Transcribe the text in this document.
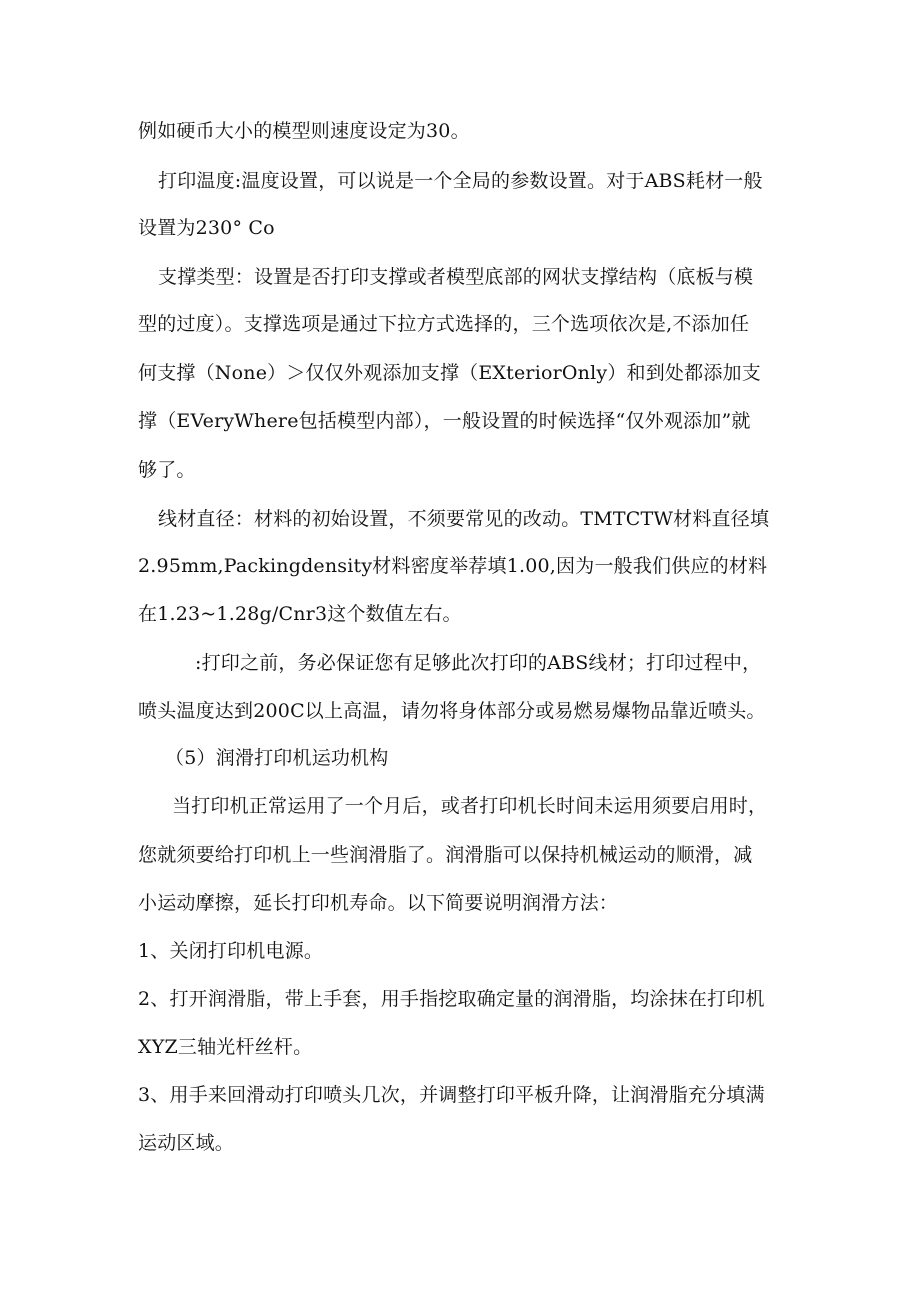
例如硬币大小的模型则速度设定为30。

打印温度:温度设置，可以说是一个全局的参数设置。对于ABS耗材一般

设置为230° Co

支撑类型：设置是否打印支撑或者模型底部的网状支撑结构（底板与模

型的过度）。支撑选项是通过下拉方式选择的，三个选项依次是,不添加任

何支撑（None）＞仅仅外观添加支撑（EXteriorOnly）和到处都添加支

撑（EVeryWhere包括模型内部），一般设置的时候选择“仅外观添加”就

够了。

线材直径：材料的初始设置，不须要常见的改动。TMTCTW材料直径填

2.95mm,Packingdensity材料密度举荐填1.00,因为一般我们供应的材料

在1.23~1.28g/Cnr3这个数值左右。

:打印之前，务必保证您有足够此次打印的ABS线材；打印过程中，

喷头温度达到200C以上高温，请勿将身体部分或易燃易爆物品靠近喷头。

（5）润滑打印机运功机构

当打印机正常运用了一个月后，或者打印机长时间未运用须要启用时，

您就须要给打印机上一些润滑脂了。润滑脂可以保持机械运动的顺滑，减

小运动摩擦，延长打印机寿命。以下简要说明润滑方法：

1、关闭打印机电源。

2、打开润滑脂，带上手套，用手指挖取确定量的润滑脂，均涂抹在打印机

XYZ三轴光杆丝杆。

3、用手来回滑动打印喷头几次，并调整打印平板升降，让润滑脂充分填满

运动区域。
